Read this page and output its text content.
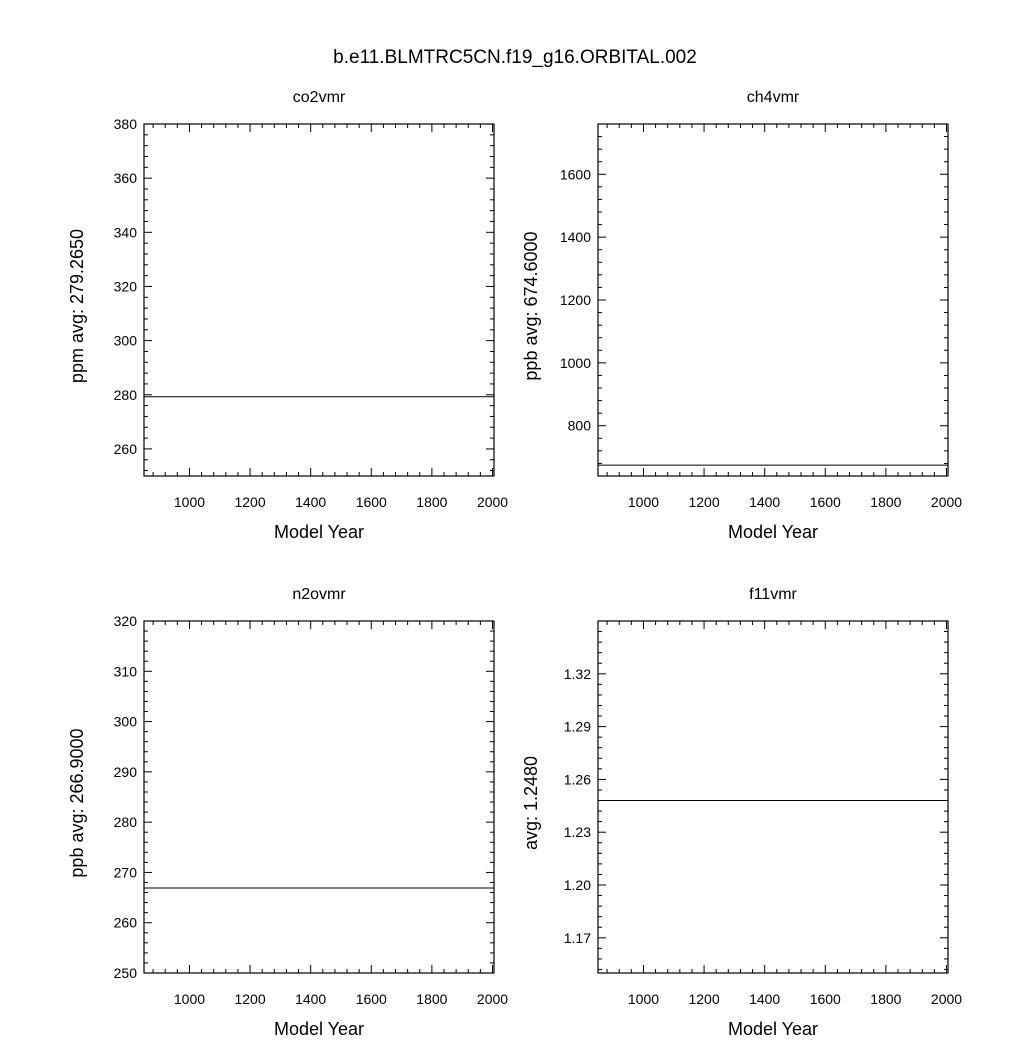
b.e11.BLMTRC5CN.f19_g16.ORBITAL.002
1000 1200 1400 1600 1800 2000
260
280
300
320
340
360
380
co2vmr
Model Year
ppm avg: 279.2650
1000 1200 1400 1600 1800 2000
800
1000
1200
1400
1600
ch4vmr
Model Year
ppb avg: 674.6000
1000 1200 1400 1600 1800 2000
250
260
270
280
290
300
310
320
n2ovmr
Model Year
ppb avg: 266.9000
1000 1200 1400 1600 1800 2000
1.17
1.20
1.23
1.26
1.29
1.32
f11vmr
Model Year
avg: 1.2480
